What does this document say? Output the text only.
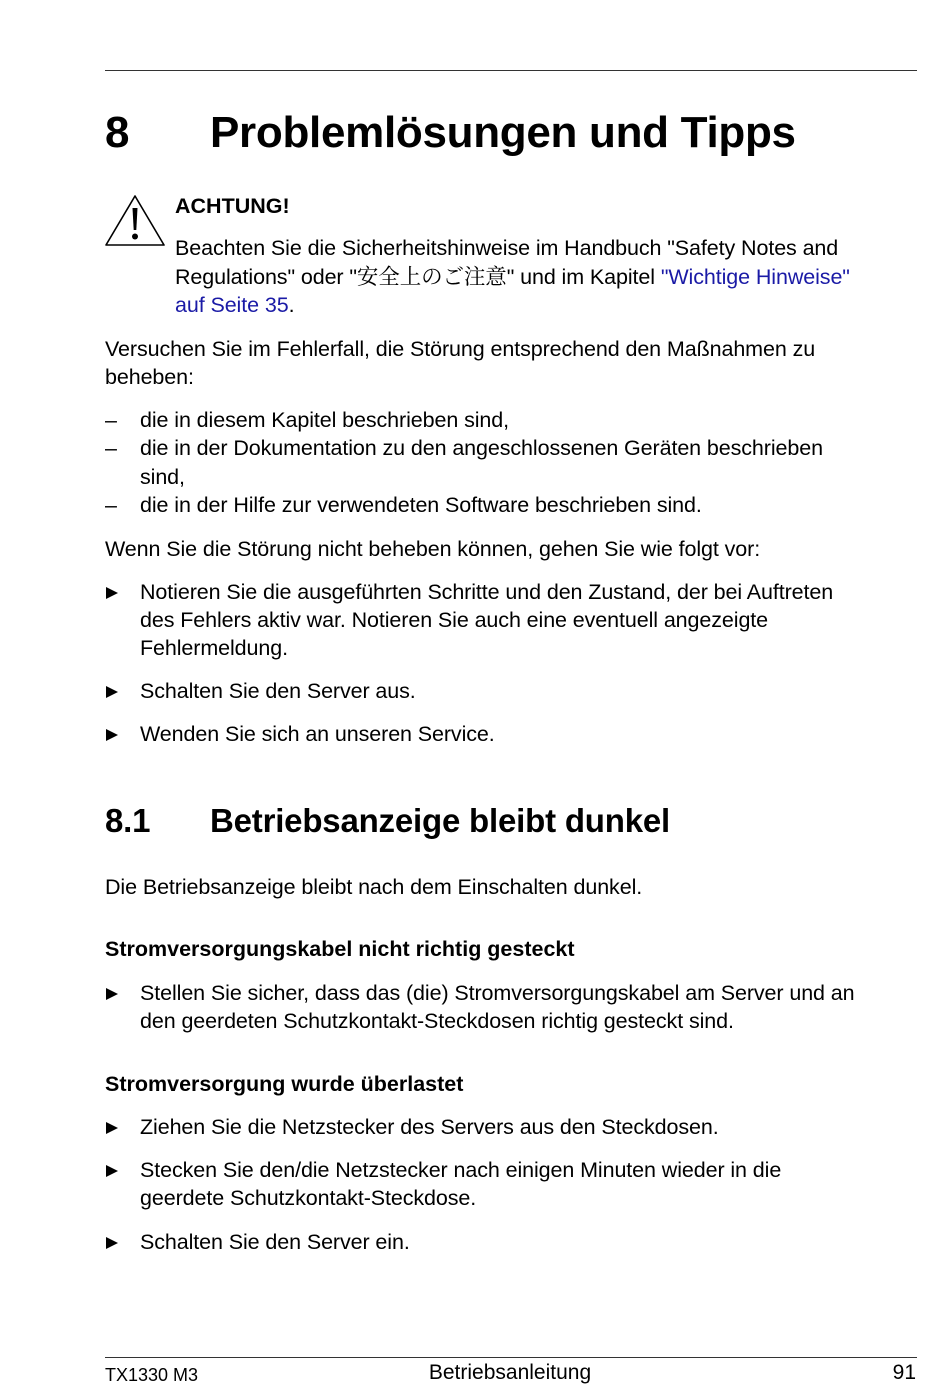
8 Problemlösungen und Tipps
ACHTUNG!
Beachten Sie die Sicherheitshinweise im Handbuch "Safety Notes and
Regulations" oder "安全上のご注意" und im Kapitel "Wichtige Hinweise"
auf Seite 35.
Versuchen Sie im Fehlerfall, die Störung entsprechend den Maßnahmen zu
beheben:
– die in diesem Kapitel beschrieben sind,
– die in der Dokumentation zu den angeschlossenen Geräten beschrieben
sind,
– die in der Hilfe zur verwendeten Software beschrieben sind.
Wenn Sie die Störung nicht beheben können, gehen Sie wie folgt vor:
Notieren Sie die ausgeführten Schritte und den Zustand, der bei Auftreten
des Fehlers aktiv war. Notieren Sie auch eine eventuell angezeigte
Fehlermeldung.
Schalten Sie den Server aus.
Wenden Sie sich an unseren Service.
8.1 Betriebsanzeige bleibt dunkel
Die Betriebsanzeige bleibt nach dem Einschalten dunkel.
Stromversorgungskabel nicht richtig gesteckt
Stellen Sie sicher, dass das (die) Stromversorgungskabel am Server und an
den geerdeten Schutzkontakt-Steckdosen richtig gesteckt sind.
Stromversorgung wurde überlastet
Ziehen Sie die Netzstecker des Servers aus den Steckdosen.
Stecken Sie den/die Netzstecker nach einigen Minuten wieder in die
geerdete Schutzkontakt-Steckdose.
Schalten Sie den Server ein.
TX1330 M3	Betriebsanleitung	91
